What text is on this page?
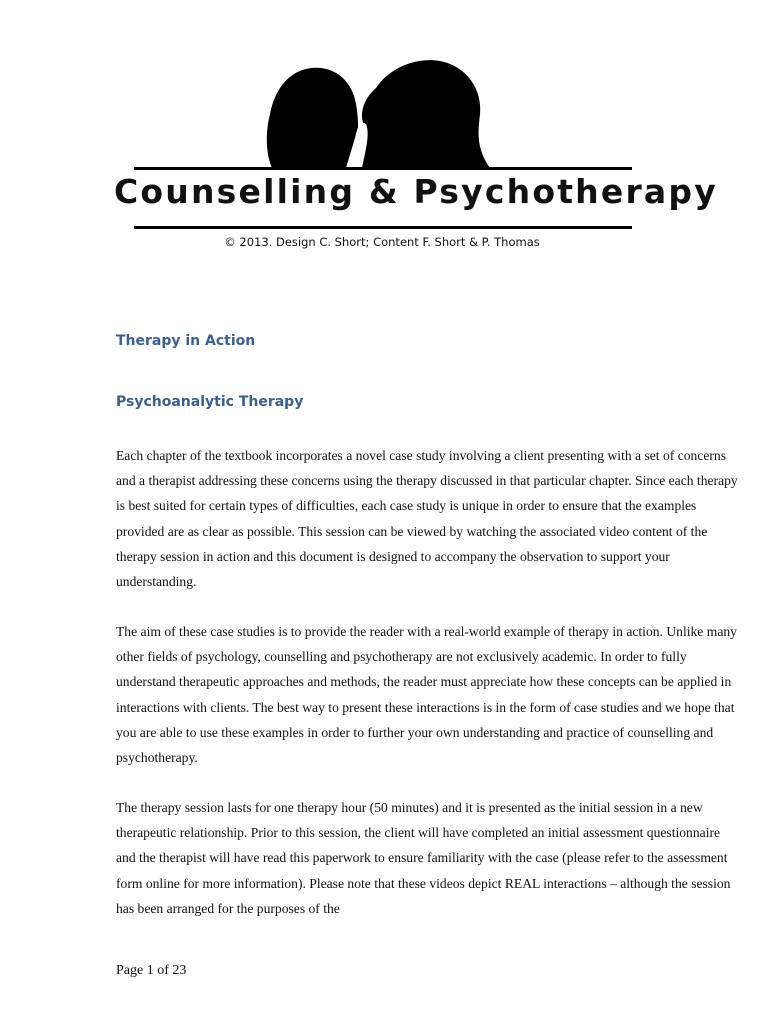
Counselling & Psychotherapy
© 2013. Design C. Short; Content F. Short & P. Thomas
Therapy in Action
Psychoanalytic Therapy

Each chapter of the textbook incorporates a novel case study involving a client presenting with a set of concerns and a therapist addressing these concerns using the therapy discussed in that particular chapter. Since each therapy is best suited for certain types of difficulties, each case study is unique in order to ensure that the examples provided are as clear as possible. This session can be viewed by watching the associated video content of the therapy session in action and this document is designed to accompany the observation to support your understanding.

The aim of these case studies is to provide the reader with a real-world example of therapy in action. Unlike many other fields of psychology, counselling and psychotherapy are not exclusively academic. In order to fully understand therapeutic approaches and methods, the reader must appreciate how these concepts can be applied in interactions with clients. The best way to present these interactions is in the form of case studies and we hope that you are able to use these examples in order to further your own understanding and practice of counselling and psychotherapy.

The therapy session lasts for one therapy hour (50 minutes) and it is presented as the initial session in a new therapeutic relationship. Prior to this session, the client will have completed an initial assessment questionnaire and the therapist will have read this paperwork to ensure familiarity with the case (please refer to the assessment form online for more information). Please note that these videos depict REAL interactions – although the session has been arranged for the purposes of the

Page 1 of 23
